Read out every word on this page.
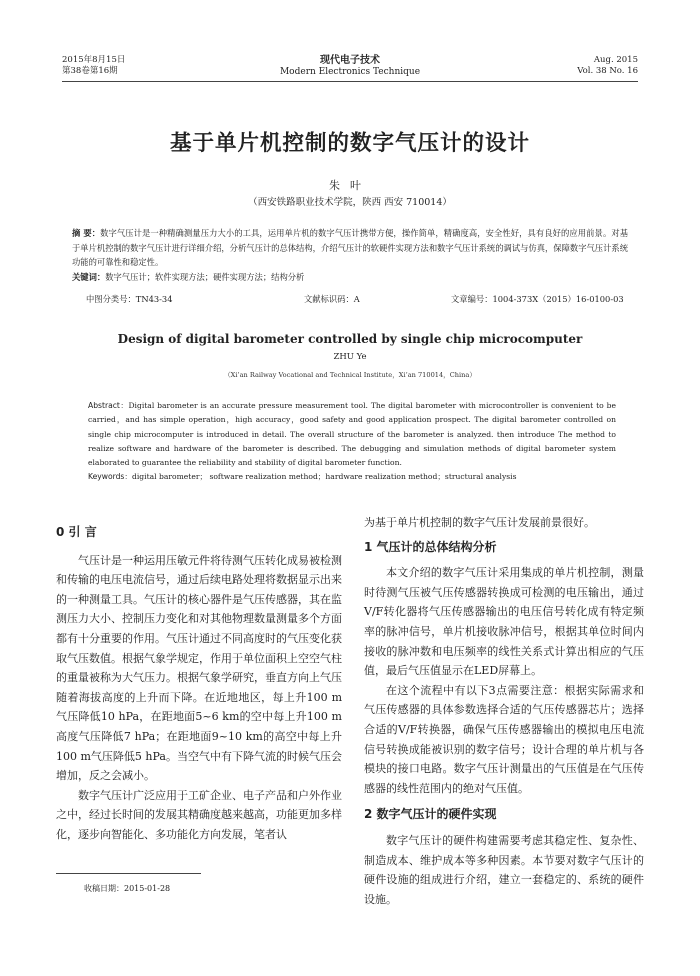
2015年8月15日
第38卷第16期
现代电子技术
Modern Electronics Technique
Aug. 2015
Vol. 38 No. 16
基于单片机控制的数字气压计的设计
朱叶
（西安铁路职业技术学院，陕西 西安 710014）
摘 要：数字气压计是一种精确测量压力大小的工具，运用单片机的数字气压计携带方便，操作简单，精确度高，安全性好，具有良好的应用前景。对基于单片机控制的数字气压计进行详细介绍，分析气压计的总体结构，介绍气压计的软硬件实现方法和数字气压计系统的调试与仿真，保障数字气压计系统功能的可靠性和稳定性。
关键词：数字气压计；软件实现方法；硬件实现方法；结构分析
中图分类号：TN43-34	文献标识码：A	文章编号：1004-373X（2015）16-0100-03
Design of digital barometer controlled by single chip microcomputer
ZHU Ye
（Xi’an Railway Vocational and Technical Institute，Xi’an 710014，China）
Abstract：Digital barometer is an accurate pressure measurement tool. The digital barometer with microcontroller is convenient to be carried，and has simple operation，high accuracy，good safety and good application prospect. The digital barometer controlled on single chip microcomputer is introduced in detail. The overall structure of the barometer is analyzed. then introduce The method to realize software and hardware of the barometer is described. The debugging and simulation methods of digital barometer system elaborated to guarantee the reliability and stability of digital barometer function.
Keywords：digital barometer； software realization method；hardware realization method；structural analysis

0 引 言

气压计是一种运用压敏元件将待测气压转化成易被检测和传输的电压电流信号，通过后续电路处理将数据显示出来的一种测量工具。气压计的核心器件是气压传感器，其在监测压力大小、控制压力变化和对其他物理数量测量多个方面都有十分重要的作用。气压计通过不同高度时的气压变化获取气压数值。根据气象学规定，作用于单位面积上空空气柱的重量被称为大气压力。根据气象学研究，垂直方向上气压随着海拔高度的上升而下降。在近地地区，每上升100 m气压降低10 hPa，在距地面5~6 km的空中每上升100 m高度气压降低7 hPa；在距地面9~10 km的高空中每上升100 m气压降低5 hPa。当空气中有下降气流的时候气压会增加，反之会减小。

数字气压计广泛应用于工矿企业、电子产品和户外作业之中，经过长时间的发展其精确度越来越高，功能更加多样化，逐步向智能化、多功能化方向发展，笔者认

为基于单片机控制的数字气压计发展前景很好。

1 气压计的总体结构分析

本文介绍的数字气压计采用集成的单片机控制，测量时待测气压被气压传感器转换成可检测的电压输出，通过V/F转化器将气压传感器输出的电压信号转化成有特定频率的脉冲信号，单片机接收脉冲信号，根据其单位时间内接收的脉冲数和电压频率的线性关系式计算出相应的气压值，最后气压值显示在LED屏幕上。

在这个流程中有以下3点需要注意：根据实际需求和气压传感器的具体参数选择合适的气压传感器芯片；选择合适的V/F转换器，确保气压传感器输出的模拟电压电流信号转换成能被识别的数字信号；设计合理的单片机与各模块的接口电路。数字气压计测量出的气压值是在气压传感器的线性范围内的绝对气压值。

2 数字气压计的硬件实现

数字气压计的硬件构建需要考虑其稳定性、复杂性、制造成本、维护成本等多种因素。本节要对数字气压计的硬件设施的组成进行介绍，建立一套稳定的、系统的硬件设施。

收稿日期：2015-01-28
